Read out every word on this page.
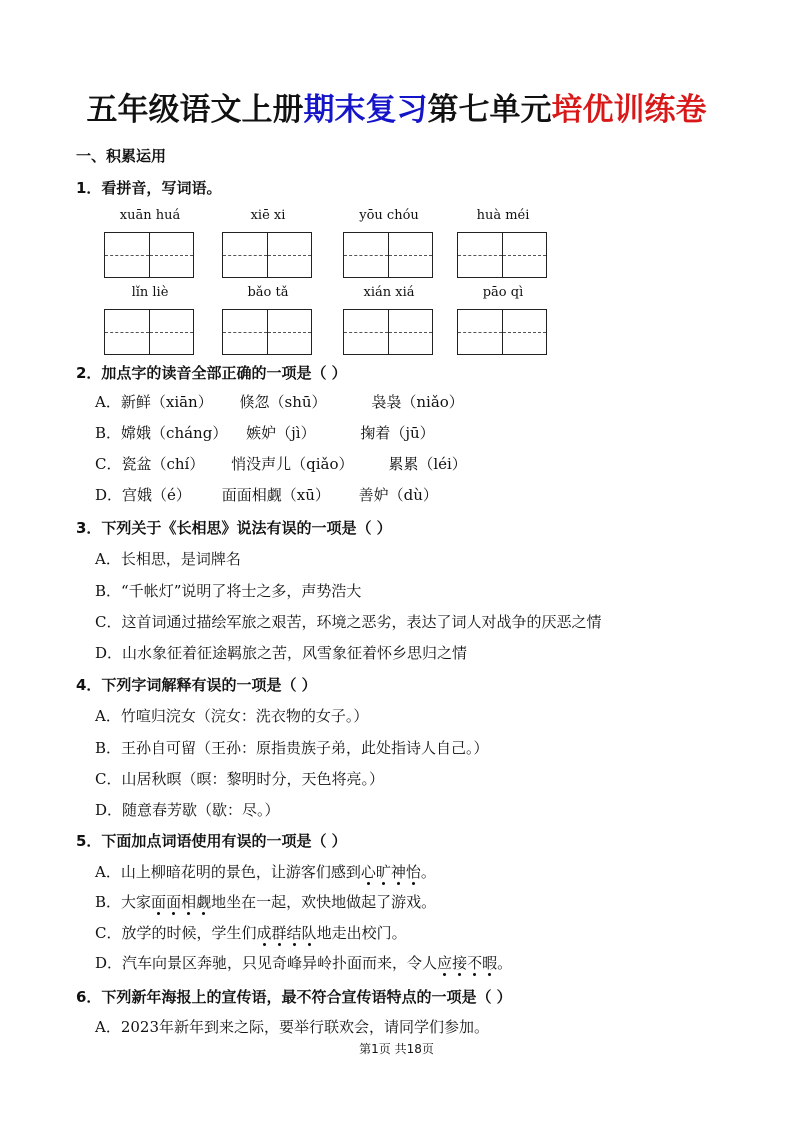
五年级语文上册期末复习第七单元培优训练卷
一、积累运用
1．看拼音，写词语。
xuān huá	xiē xi	yōu chóu	huà méi
lǐn liè	bǎo tǎ	xián xiá	pāo qì
2．加点字的读音全部正确的一项是（ ）
A．新鲜（xiān） 倏忽（shū）	袅袅（niǎo）
B．嫦娥（cháng） 嫉妒（jì）	掬着（jū）
C．瓷盆（chí） 悄没声儿（qiǎo） 累累（léi）
D．宫娥（é） 面面相觑（xū） 善妒（dù）
3．下列关于《长相思》说法有误的一项是（ ）
A．长相思，是词牌名
B．“千帐灯”说明了将士之多，声势浩大
C．这首词通过描绘军旅之艰苦，环境之恶劣，表达了词人对战争的厌恶之情
D．山水象征着征途羁旅之苦，风雪象征着怀乡思归之情
4．下列字词解释有误的一项是（ ）
A．竹喧归浣女（浣女：洗衣物的女子。）
B．王孙自可留（王孙：原指贵族子弟，此处指诗人自己。）
C．山居秋暝（暝：黎明时分，天色将亮。）
D．随意春芳歇（歇：尽。）
5．下面加点词语使用有误的一项是（ ）
A．山上柳暗花明的景色，让游客们感到心旷神怡。
B．大家面面相觑地坐在一起，欢快地做起了游戏。
C．放学的时候，学生们成群结队地走出校门。
D．汽车向景区奔驰，只见奇峰异岭扑面而来，令人应接不暇。
6．下列新年海报上的宣传语，最不符合宣传语特点的一项是（ ）
A．2023年新年到来之际，要举行联欢会，请同学们参加。
第1页 共18页
